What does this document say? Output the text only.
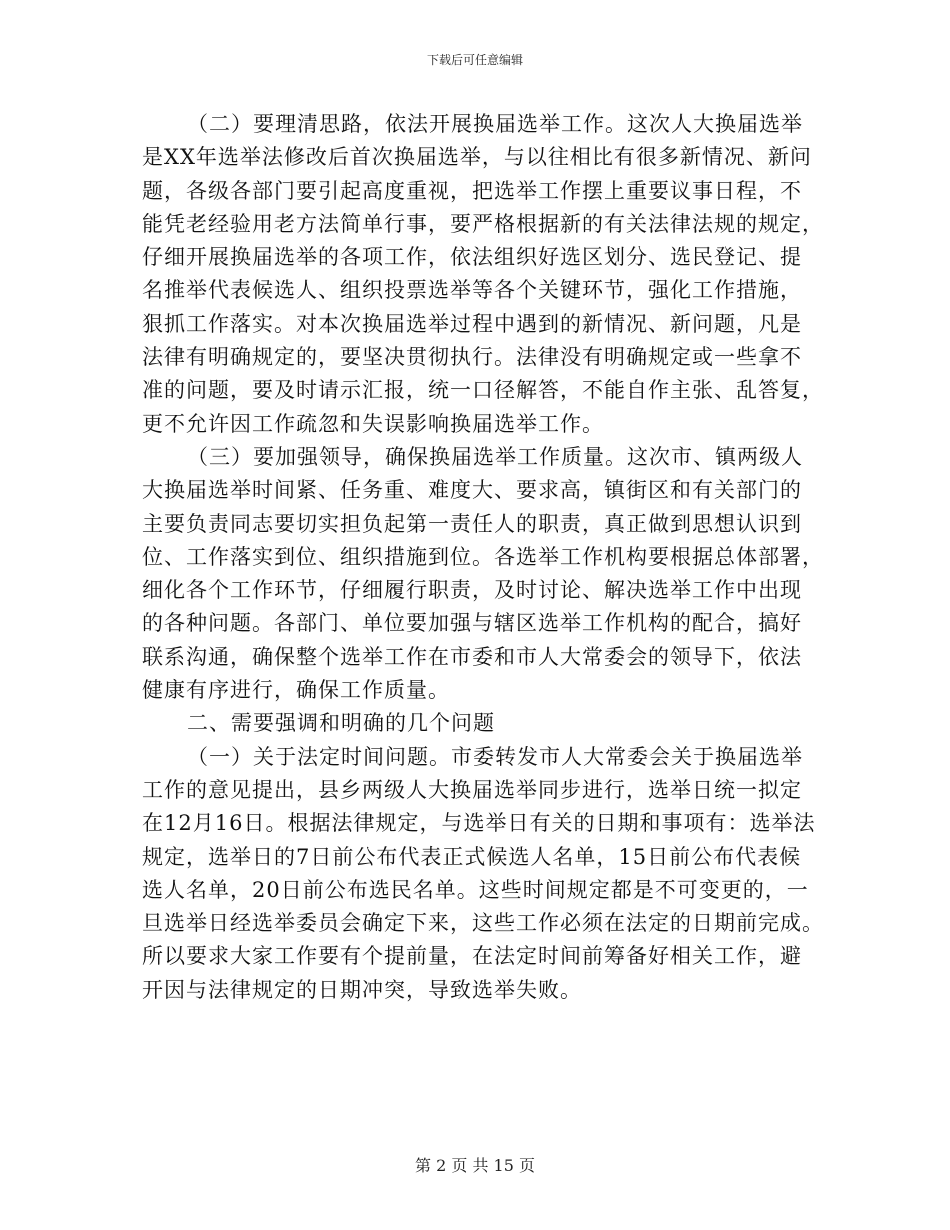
下载后可任意编辑
（二）要理清思路，依法开展换届选举工作。这次人大换届选举
是XX年选举法修改后首次换届选举，与以往相比有很多新情况、新问
题，各级各部门要引起高度重视，把选举工作摆上重要议事日程，不
能凭老经验用老方法简单行事，要严格根据新的有关法律法规的规定，
仔细开展换届选举的各项工作，依法组织好选区划分、选民登记、提
名推举代表候选人、组织投票选举等各个关键环节，强化工作措施，
狠抓工作落实。对本次换届选举过程中遇到的新情况、新问题，凡是
法律有明确规定的，要坚决贯彻执行。法律没有明确规定或一些拿不
准的问题，要及时请示汇报，统一口径解答，不能自作主张、乱答复，
更不允许因工作疏忽和失误影响换届选举工作。
（三）要加强领导，确保换届选举工作质量。这次市、镇两级人
大换届选举时间紧、任务重、难度大、要求高，镇街区和有关部门的
主要负责同志要切实担负起第一责任人的职责，真正做到思想认识到
位、工作落实到位、组织措施到位。各选举工作机构要根据总体部署，
细化各个工作环节，仔细履行职责，及时讨论、解决选举工作中出现
的各种问题。各部门、单位要加强与辖区选举工作机构的配合，搞好
联系沟通，确保整个选举工作在市委和市人大常委会的领导下，依法
健康有序进行，确保工作质量。
二、需要强调和明确的几个问题
（一）关于法定时间问题。市委转发市人大常委会关于换届选举
工作的意见提出，县乡两级人大换届选举同步进行，选举日统一拟定
在12月16日。根据法律规定，与选举日有关的日期和事项有：选举法
规定，选举日的7日前公布代表正式候选人名单，15日前公布代表候
选人名单，20日前公布选民名单。这些时间规定都是不可变更的，一
旦选举日经选举委员会确定下来，这些工作必须在法定的日期前完成。
所以要求大家工作要有个提前量，在法定时间前筹备好相关工作，避
开因与法律规定的日期冲突，导致选举失败。
第 2 页 共 15 页
